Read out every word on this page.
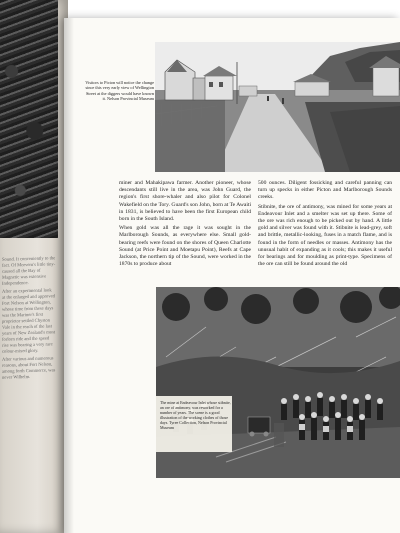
Sound. It conveniently to the fact. Of Morvern's little tiny-caused all the Bay of Magnetic was extensive Independence.

After an experimental look at the enlarged and approved Port Nelson at Wellington, whose time from these days was the Mariner's first proprietor settled Chyston Vale in the reach of the last years of New Zealand's most forlorn ride and the speed rise was bearing a very rare colour-mixed glory.

After various and numerous reasons, about Fort Nelson, among forth Commerce, was never Wilhelm.

Visitors to Picton will notice the change since this very early view of Wellington Street at the diggers would have known it. Nelson Provincial Museum

miner and Mahakipawa farmer. Another pioneer, whose descendants still live in the area, was John Guard, the region's first shore-whaler and also pilot for Colonel Wakefield on the Tory. Guard's son John, born at Te Awaiti in 1831, is believed to have been the first European child born in the South Island.

When gold was all the rage it was sought in the Marlborough Sounds, as everywhere else. Small gold-bearing reefs were found on the shores of Queen Charlotte Sound (at Price Point and Moetapu Point), Reefs at Cape Jackson, the northern tip of the Sound, were worked in the 1870s to produce about

500 ounces. Diligent fossicking and careful panning can turn up specks in either Picton and Marlborough Sounds creeks.

Stibnite, the ore of antimony, was mined for some years at Endeavour Inlet and a smelter was set up there. Some of the ore was rich enough to be picked out by hand. A little gold and silver was found with it. Stibnite is lead-grey, soft and brittle, metallic-looking, fuses in a match flame, and is found in the form of needles or masses. Antimony has the unusual habit of expanding as it cools; this makes it useful for bearings and for moulding as print-type. Specimens of the ore can still be found around the old

The mine at Endeavour Inlet whose stibnite, an ore of antimony, was reworked for a number of years. The scene is a good illustration of the working clothes of those days. Tyree Collection, Nelson Provincial Museum
